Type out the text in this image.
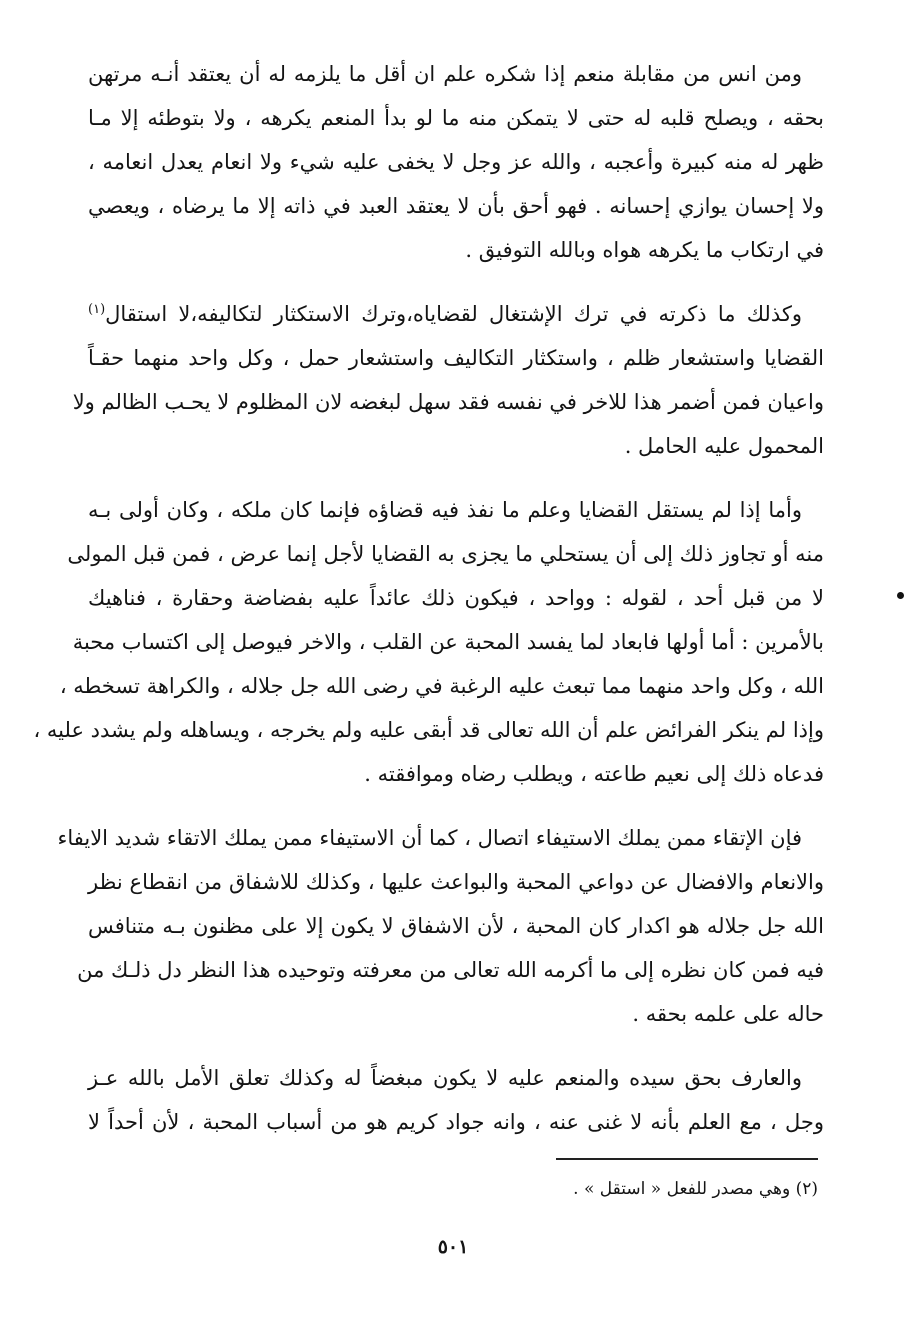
ومن انس من مقابلة منعم إذا شكره علم ان أقل ما يلزمه له أن يعتقد أنـه مرتهن
بحقه ، ويصلح قلبه له حتى لا يتمكن منه ما لو بدأ المنعم يكرهه ، ولا بتوطئه إلا مـا
ظهر له منه كبيرة وأعجبه ، والله عز وجل لا يخفى عليه شيء ولا انعام يعدل انعامه ،
ولا إحسان يوازي إحسانه . فهو أحق بأن لا يعتقد العبد في ذاته إلا ما يرضاه ، ويعصي
في ارتكاب ما يكرهه هواه وبالله التوفيق .

وكذلك ما ذكرته في ترك الإشتغال لقضاياه،وترك الاستكثار لتكاليفه،لا استقال$^{(١)}$
القضايا واستشعار ظلم ، واستكثار التكاليف واستشعار حمل ، وكل واحد منهما حقـاً
واعيان فمن أضمر هذا للاخر في نفسه فقد سهل لبغضه لان المظلوم لا يحـب الظالم ولا
المحمول عليه الحامل .

وأما إذا لم يستقل القضايا وعلم ما نفذ فيه قضاؤه فإنما كان ملكه ، وكان أولى بـه
منه أو تجاوز ذلك إلى أن يستحلي ما يجزى به القضايا لأجل إنما عرض ، فمن قبل المولى
لا من قبل أحد ، لقوله : وواحد ، فيكون ذلك عائداً عليه بفضاضة وحقارة ، فناهيك
بالأمرين : أما أولها فابعاد لما يفسد المحبة عن القلب ، والاخر فيوصل إلى اكتساب محبة
الله ، وكل واحد منهما مما تبعث عليه الرغبة في رضى الله جل جلاله ، والكراهة تسخطه ،
وإذا لم ينكر الفرائض علم أن الله تعالى قد أبقى عليه ولم يخرجه ، ويساهله ولم يشدد عليه ،
فدعاه ذلك إلى نعيم طاعته ، ويطلب رضاه وموافقته .

فإن الإتقاء ممن يملك الاستيفاء اتصال ، كما أن الاستيفاء ممن يملك الاتقاء شديد الايفاء
والانعام والافضال عن دواعي المحبة والبواعث عليها ، وكذلك للاشفاق من انقطاع نظر
الله جل جلاله هو اكدار كان المحبة ، لأن الاشفاق لا يكون إلا على مظنون بـه متنافس
فيه فمن كان نظره إلى ما أكرمه الله تعالى من معرفته وتوحيده هذا النظر دل ذلـك من
حاله على علمه بحقه .

والعارف بحق سيده والمنعم عليه لا يكون مبغضاً له وكذلك تعلق الأمل بالله عـز
وجل ، مع العلم بأنه لا غنى عنه ، وانه جواد كريم هو من أسباب المحبة ، لأن أحداً لا

(٢) وهي مصدر للفعل « استقل » .
٥٠١
